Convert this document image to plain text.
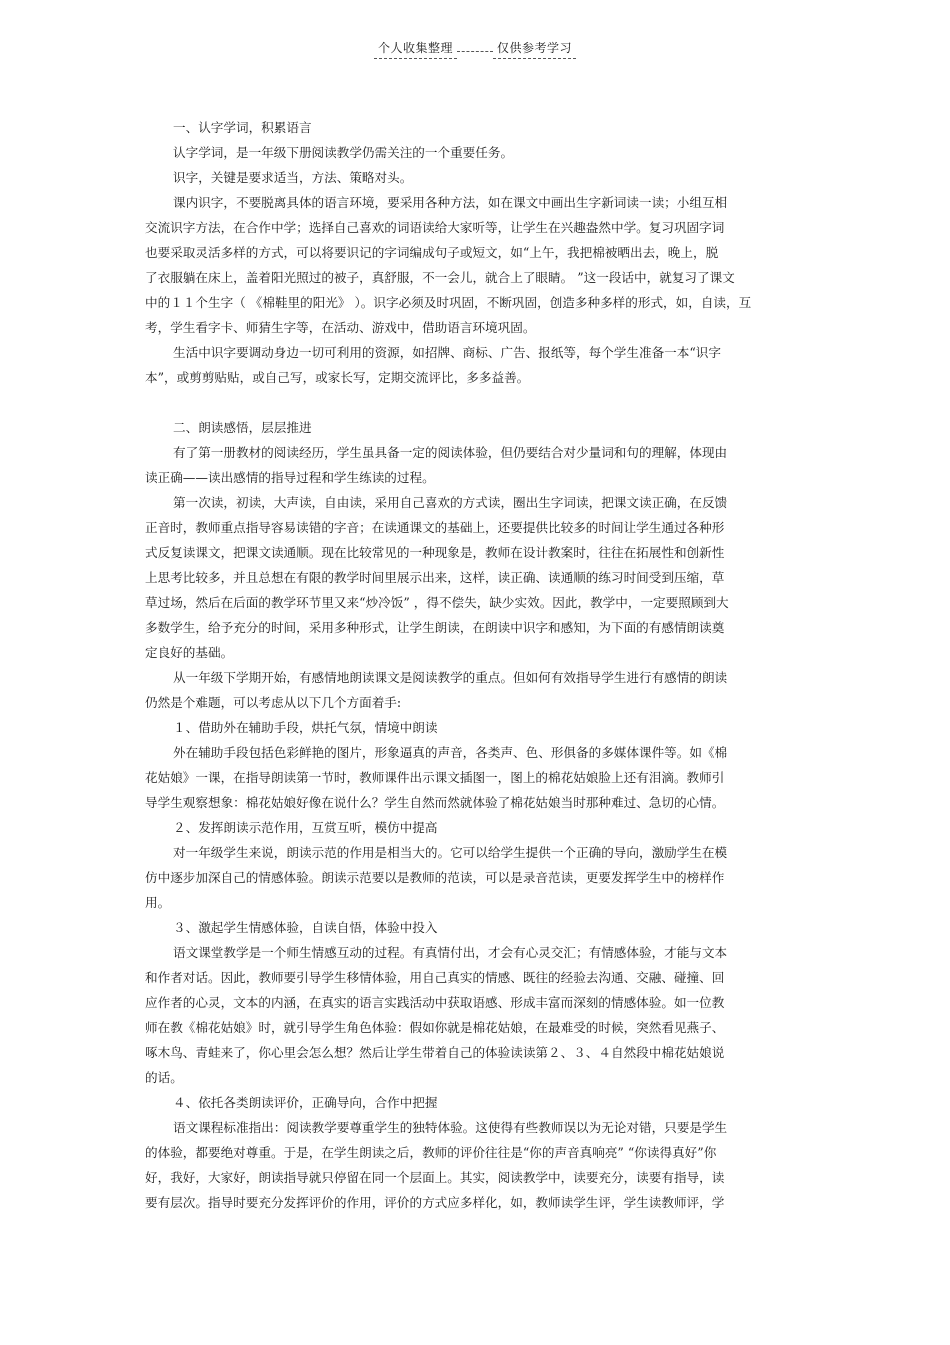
个人收集整理	仅供参考学习
一、认字学词，积累语言
认字学词，是一年级下册阅读教学仍需关注的一个重要任务。
识字，关键是要求适当，方法、策略对头。
课内识字，不要脱离具体的语言环境，要采用各种方法，如在课文中画出生字新词读一读；小组互相
交流识字方法，在合作中学；选择自己喜欢的词语读给大家听等，让学生在兴趣盎然中学。复习巩固字词
也要采取灵活多样的方式，可以将要识记的字词编成句子或短文，如“上午，我把棉被晒出去，晚上，脱
了衣服躺在床上，盖着阳光照过的被子，真舒服，不一会儿，就合上了眼睛。 ”这一段话中，就复习了课文
中的１１个生字（ 《棉鞋里的阳光》 ）。识字必须及时巩固，不断巩固，创造多种多样的形式，如，自读，互
考，学生看字卡、师猜生字等，在活动、游戏中，借助语言环境巩固。
生活中识字要调动身边一切可利用的资源，如招牌、商标、广告、报纸等，每个学生准备一本“识字
本”，或剪剪贴贴，或自己写，或家长写，定期交流评比，多多益善。
二、朗读感悟，层层推进
有了第一册教材的阅读经历，学生虽具备一定的阅读体验，但仍要结合对少量词和句的理解，体现由
读正确——读出感情的指导过程和学生练读的过程。
第一次读，初读，大声读，自由读，采用自己喜欢的方式读，圈出生字词读，把课文读正确，在反馈
正音时，教师重点指导容易读错的字音；在读通课文的基础上，还要提供比较多的时间让学生通过各种形
式反复读课文，把课文读通顺。现在比较常见的一种现象是，教师在设计教案时，往往在拓展性和创新性
上思考比较多，并且总想在有限的教学时间里展示出来，这样，读正确、读通顺的练习时间受到压缩，草
草过场，然后在后面的教学环节里又来“炒冷饭” ，得不偿失，缺少实效。因此，教学中，一定要照顾到大
多数学生，给予充分的时间，采用多种形式，让学生朗读，在朗读中识字和感知，为下面的有感情朗读奠
定良好的基础。
从一年级下学期开始，有感情地朗读课文是阅读教学的重点。但如何有效指导学生进行有感情的朗读
仍然是个难题，可以考虑从以下几个方面着手:
１、借助外在辅助手段，烘托气氛，情境中朗读
外在辅助手段包括色彩鲜艳的图片，形象逼真的声音，各类声、色、形俱备的多媒体课件等。如《棉
花姑娘》一课，在指导朗读第一节时，教师课件出示课文插图一，图上的棉花姑娘脸上还有泪滴。教师引
导学生观察想象：棉花姑娘好像在说什么？学生自然而然就体验了棉花姑娘当时那种难过、急切的心情。
２、发挥朗读示范作用，互赏互听，模仿中提高
对一年级学生来说，朗读示范的作用是相当大的。它可以给学生提供一个正确的导向，激励学生在模
仿中逐步加深自己的情感体验。朗读示范要以是教师的范读，可以是录音范读，更要发挥学生中的榜样作
用。
３、激起学生情感体验，自读自悟，体验中投入
语文课堂教学是一个师生情感互动的过程。有真情付出，才会有心灵交汇；有情感体验，才能与文本
和作者对话。因此，教师要引导学生移情体验，用自己真实的情感、既往的经验去沟通、交融、碰撞、回
应作者的心灵，文本的内涵，在真实的语言实践活动中获取语感、形成丰富而深刻的情感体验。如一位教
师在教《棉花姑娘》时，就引导学生角色体验：假如你就是棉花姑娘，在最难受的时候，突然看见燕子、
啄木鸟、青蛙来了，你心里会怎么想？然后让学生带着自己的体验读读第２、３、４自然段中棉花姑娘说
的话。
４、依托各类朗读评价，正确导向，合作中把握
语文课程标准指出：阅读教学要尊重学生的独特体验。这使得有些教师误以为无论对错，只要是学生
的体验，都要绝对尊重。于是，在学生朗读之后，教师的评价往往是“你的声音真响亮” “你读得真好”你
好，我好，大家好，朗读指导就只停留在同一个层面上。其实，阅读教学中，读要充分，读要有指导，读
要有层次。指导时要充分发挥评价的作用，评价的方式应多样化，如，教师读学生评，学生读教师评，学
